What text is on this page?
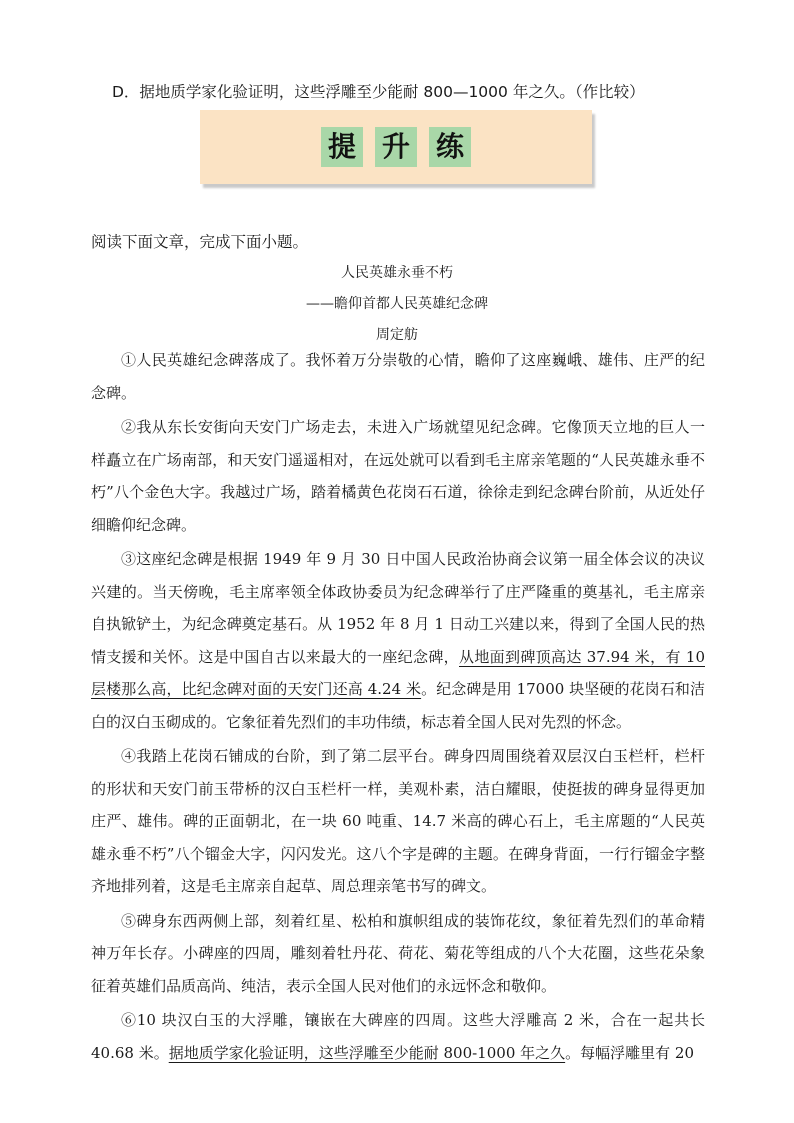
D．据地质学家化验证明，这些浮雕至少能耐 800—1000 年之久。（作比较）
提 升 练
阅读下面文章，完成下面小题。
人民英雄永垂不朽
——瞻仰首都人民英雄纪念碑
周定舫

①人民英雄纪念碑落成了。我怀着万分崇敬的心情，瞻仰了这座巍峨、雄伟、庄严的纪念碑。

②我从东长安街向天安门广场走去，未进入广场就望见纪念碑。它像顶天立地的巨人一样矗立在广场南部，和天安门遥遥相对，在远处就可以看到毛主席亲笔题的“人民英雄永垂不朽”八个金色大字。我越过广场，踏着橘黄色花岗石石道，徐徐走到纪念碑台阶前，从近处仔细瞻仰纪念碑。

③这座纪念碑是根据 1949 年 9 月 30 日中国人民政治协商会议第一届全体会议的决议兴建的。当天傍晚，毛主席率领全体政协委员为纪念碑举行了庄严隆重的奠基礼，毛主席亲自执锨铲土，为纪念碑奠定基石。从 1952 年 8 月 1 日动工兴建以来，得到了全国人民的热情支援和关怀。这是中国自古以来最大的一座纪念碑，从地面到碑顶高达 37.94 米，有 10 层楼那么高，比纪念碑对面的天安门还高 4.24 米。纪念碑是用 17000 块坚硬的花岗石和洁白的汉白玉砌成的。它象征着先烈们的丰功伟绩，标志着全国人民对先烈的怀念。

④我踏上花岗石铺成的台阶，到了第二层平台。碑身四周围绕着双层汉白玉栏杆，栏杆的形状和天安门前玉带桥的汉白玉栏杆一样，美观朴素，洁白耀眼，使挺拔的碑身显得更加庄严、雄伟。碑的正面朝北，在一块 60 吨重、14.7 米高的碑心石上，毛主席题的“人民英雄永垂不朽”八个镏金大字，闪闪发光。这八个字是碑的主题。在碑身背面，一行行镏金字整齐地排列着，这是毛主席亲自起草、周总理亲笔书写的碑文。

⑤碑身东西两侧上部，刻着红星、松柏和旗帜组成的装饰花纹，象征着先烈们的革命精神万年长存。小碑座的四周，雕刻着牡丹花、荷花、菊花等组成的八个大花圈，这些花朵象征着英雄们品质高尚、纯洁，表示全国人民对他们的永远怀念和敬仰。

⑥10 块汉白玉的大浮雕，镶嵌在大碑座的四周。这些大浮雕高 2 米，合在一起共长 40.68 米。据地质学家化验证明，这些浮雕至少能耐 800-1000 年之久。每幅浮雕里有 20
